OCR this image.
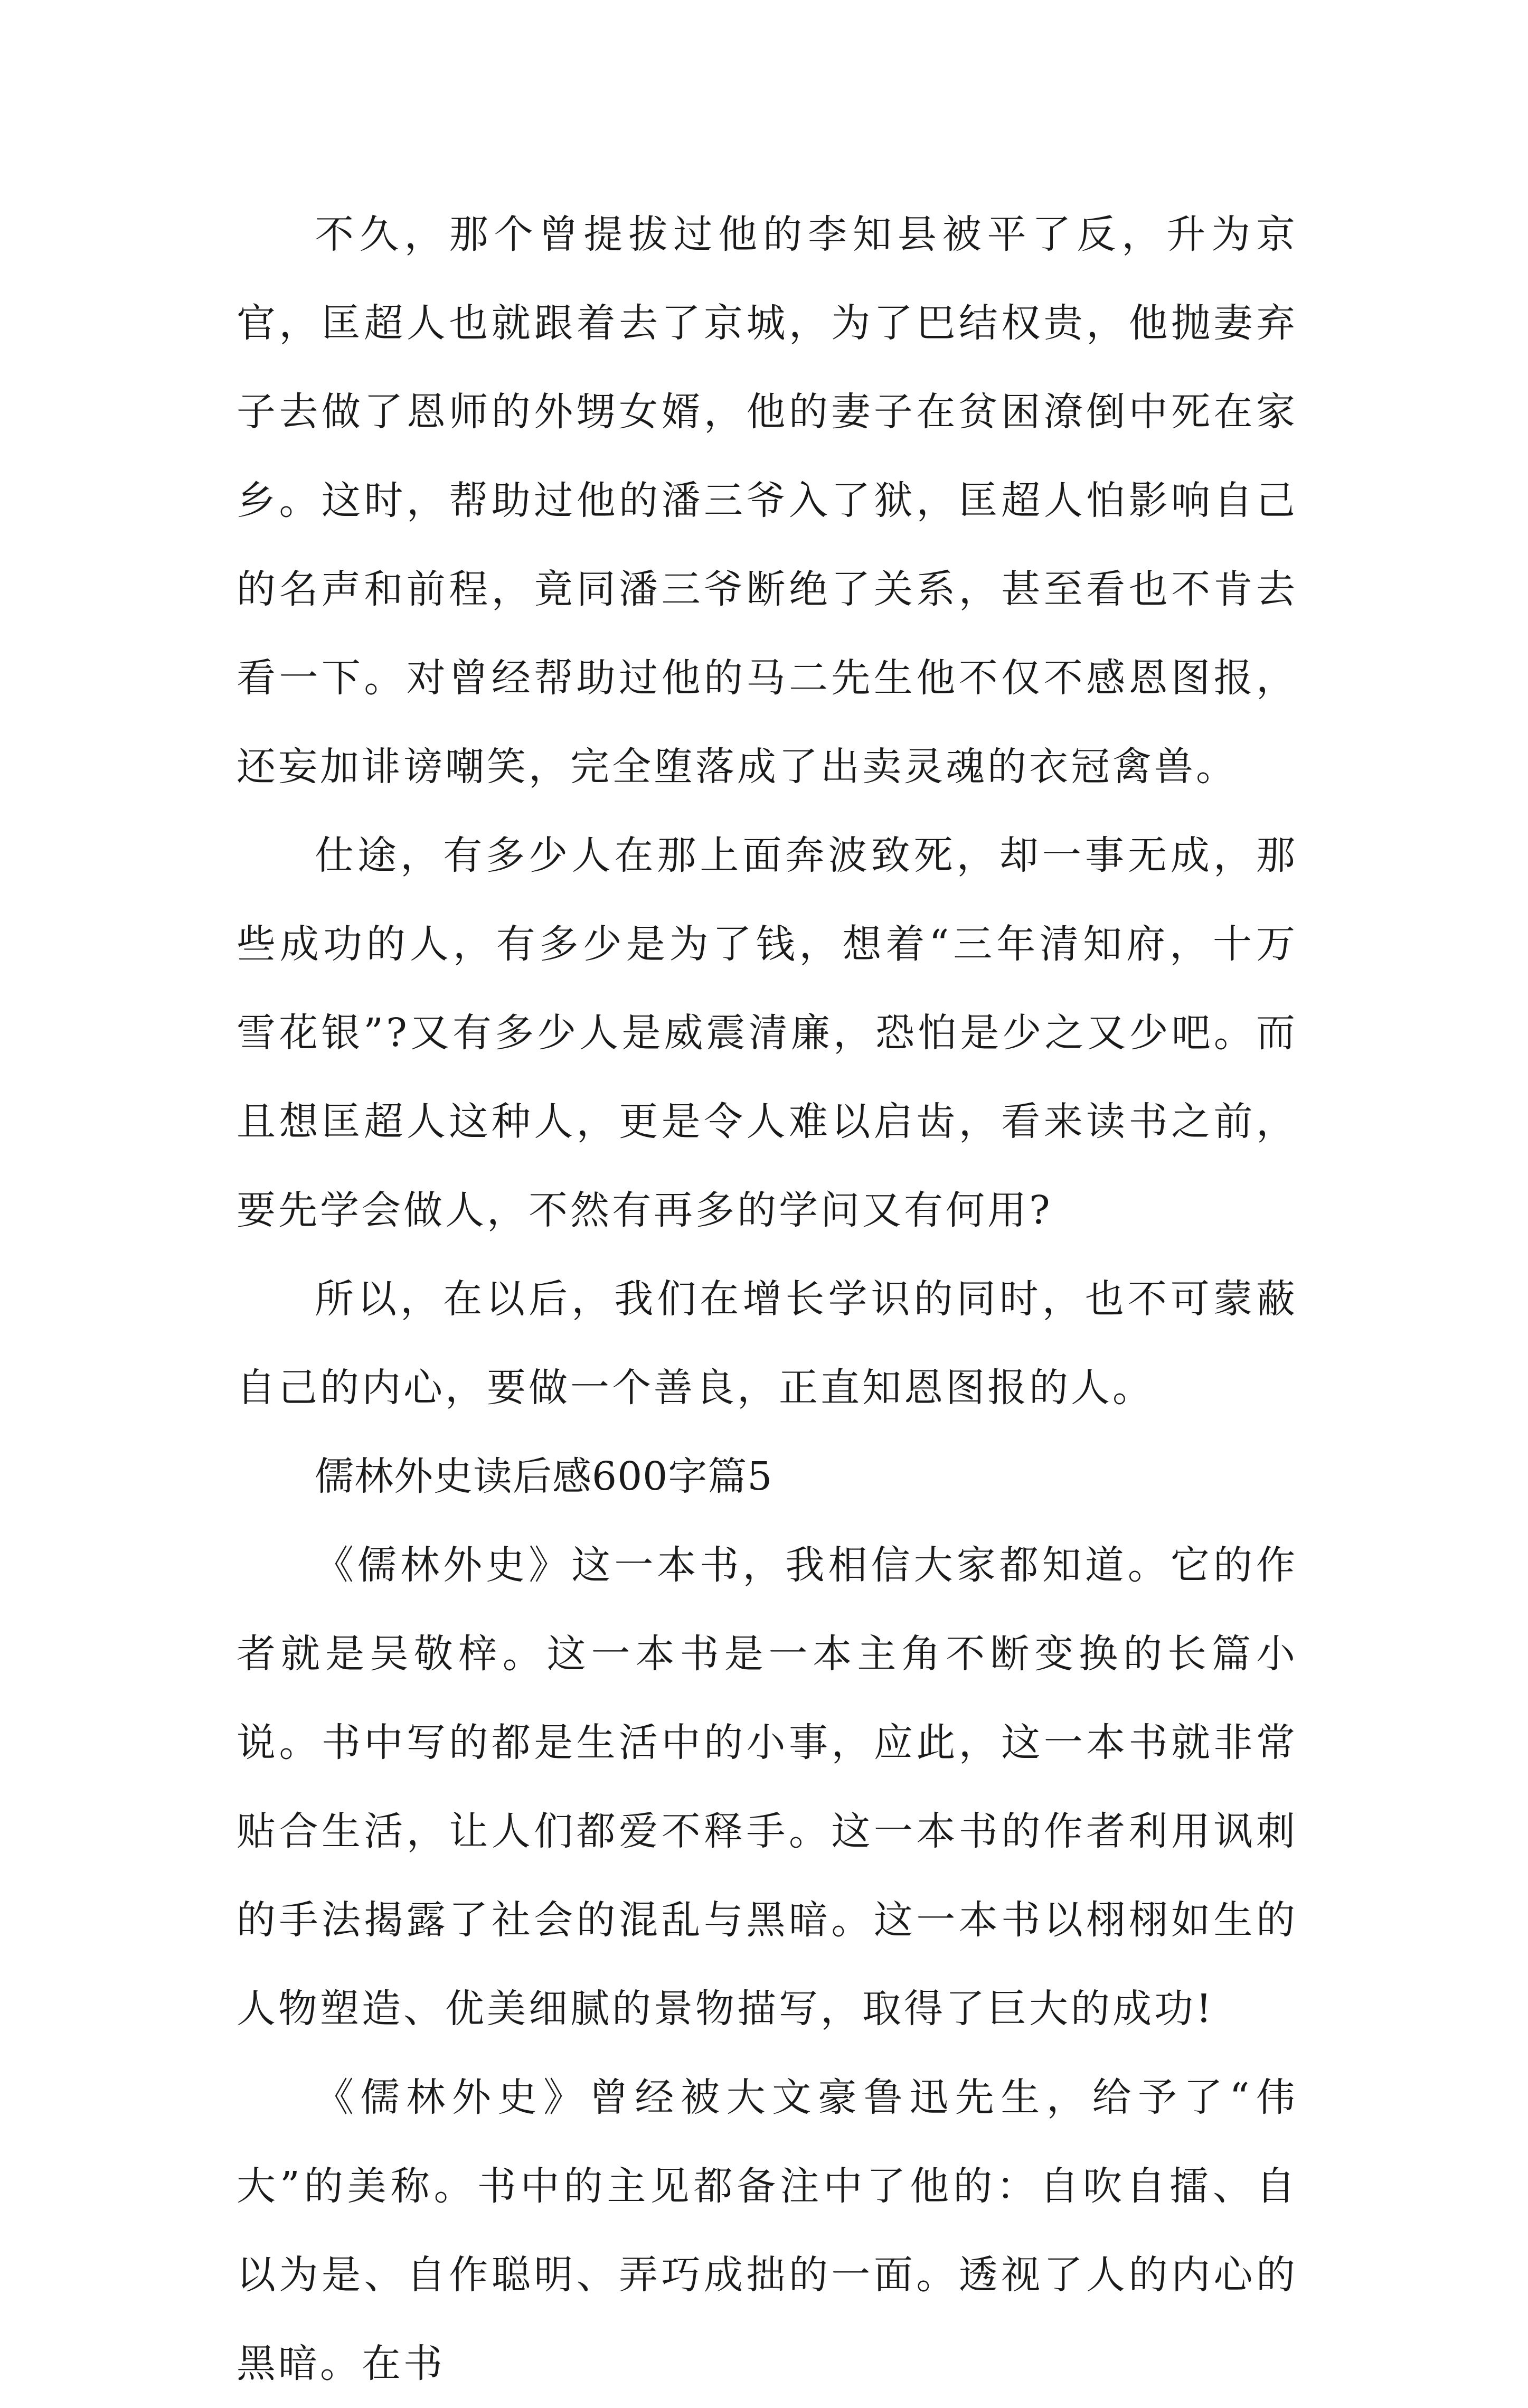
不久，那个曾提拔过他的李知县被平了反，升为京官，匡超人也就跟着去了京城，为了巴结权贵，他抛妻弃子去做了恩师的外甥女婿，他的妻子在贫困潦倒中死在家乡。这时，帮助过他的潘三爷入了狱，匡超人怕影响自己的名声和前程，竟同潘三爷断绝了关系，甚至看也不肯去看一下。对曾经帮助过他的马二先生他不仅不感恩图报，还妄加诽谤嘲笑，完全堕落成了出卖灵魂的衣冠禽兽。

仕途，有多少人在那上面奔波致死，却一事无成，那些成功的人，有多少是为了钱，想着“三年清知府，十万雪花银”?又有多少人是威震清廉，恐怕是少之又少吧。而且想匡超人这种人，更是令人难以启齿，看来读书之前，要先学会做人，不然有再多的学问又有何用?

所以，在以后，我们在增长学识的同时，也不可蒙蔽自己的内心，要做一个善良，正直知恩图报的人。

儒林外史读后感600字篇5

《儒林外史》这一本书，我相信大家都知道。它的作者就是吴敬梓。这一本书是一本主角不断变换的长篇小说。书中写的都是生活中的小事，应此，这一本书就非常贴合生活，让人们都爱不释手。这一本书的作者利用讽刺的手法揭露了社会的混乱与黑暗。这一本书以栩栩如生的人物塑造、优美细腻的景物描写，取得了巨大的成功!

《儒林外史》曾经被大文豪鲁迅先生，给予了“伟大”的美称。书中的主见都备注中了他的：自吹自擂、自以为是、自作聪明、弄巧成拙的一面。透视了人的内心的黑暗。在书
